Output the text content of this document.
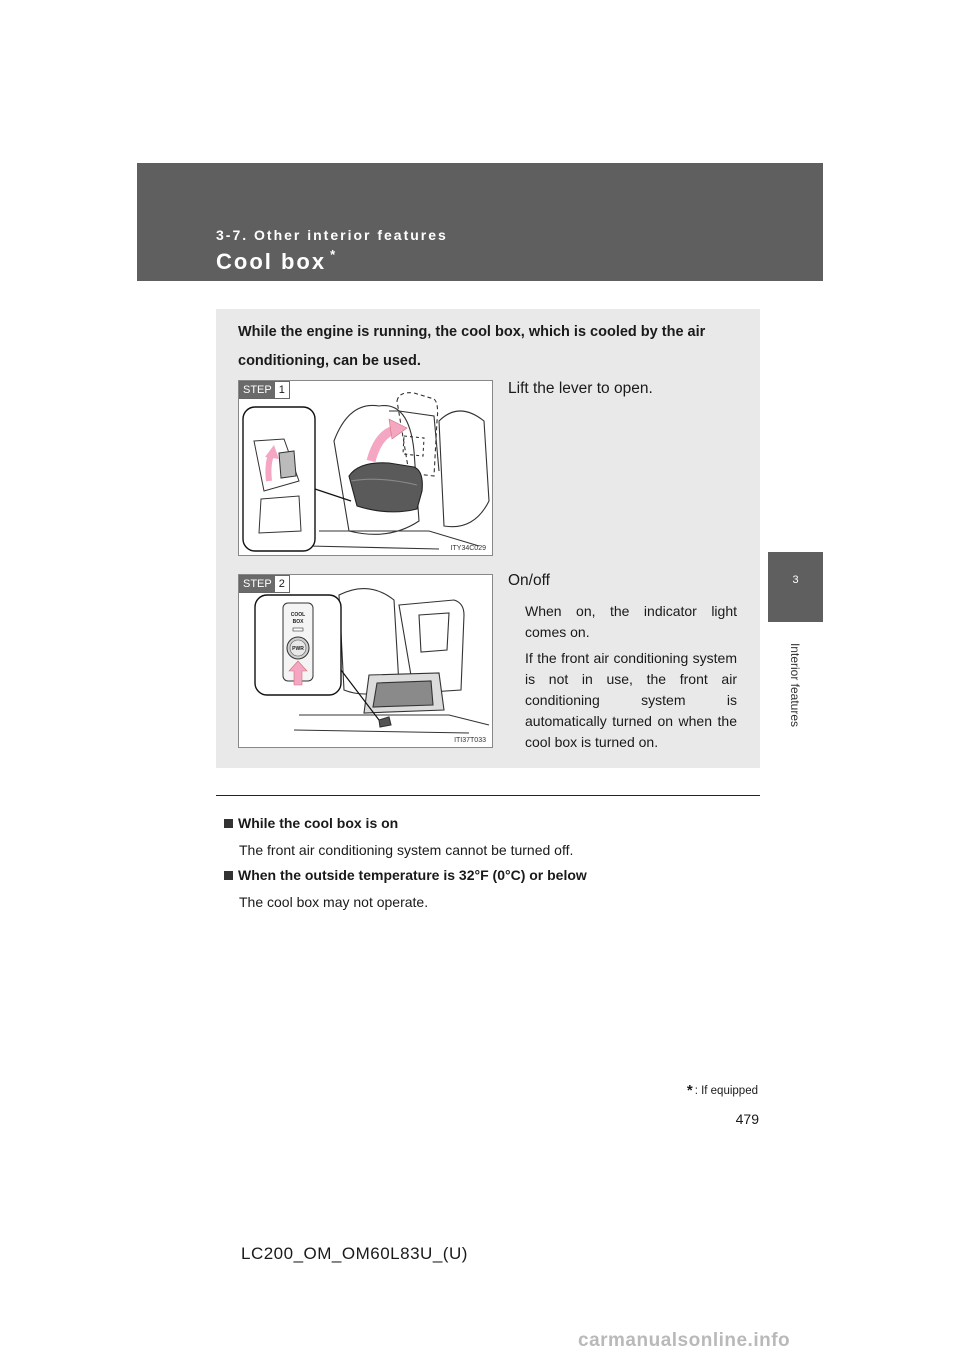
3-7. Other interior features
Cool box *
3
Interior features
While the engine is running, the cool box, which is cooled by the air conditioning, can be used.
STEP 1
ITY34C029
Lift the lever to open.
COOL
BOX
PWR
STEP 2
ITI37T033
On/off
When on, the indicator light comes on.
If the front air conditioning system is not in use, the front air conditioning system is automatically turned on when the cool box is turned on.
While the cool box is on
The front air conditioning system cannot be turned off.
When the outside temperature is 32°F (0°C) or below
The cool box may not operate.
* : If equipped
479
LC200_OM_OM60L83U_(U)
carmanualsonline.info
